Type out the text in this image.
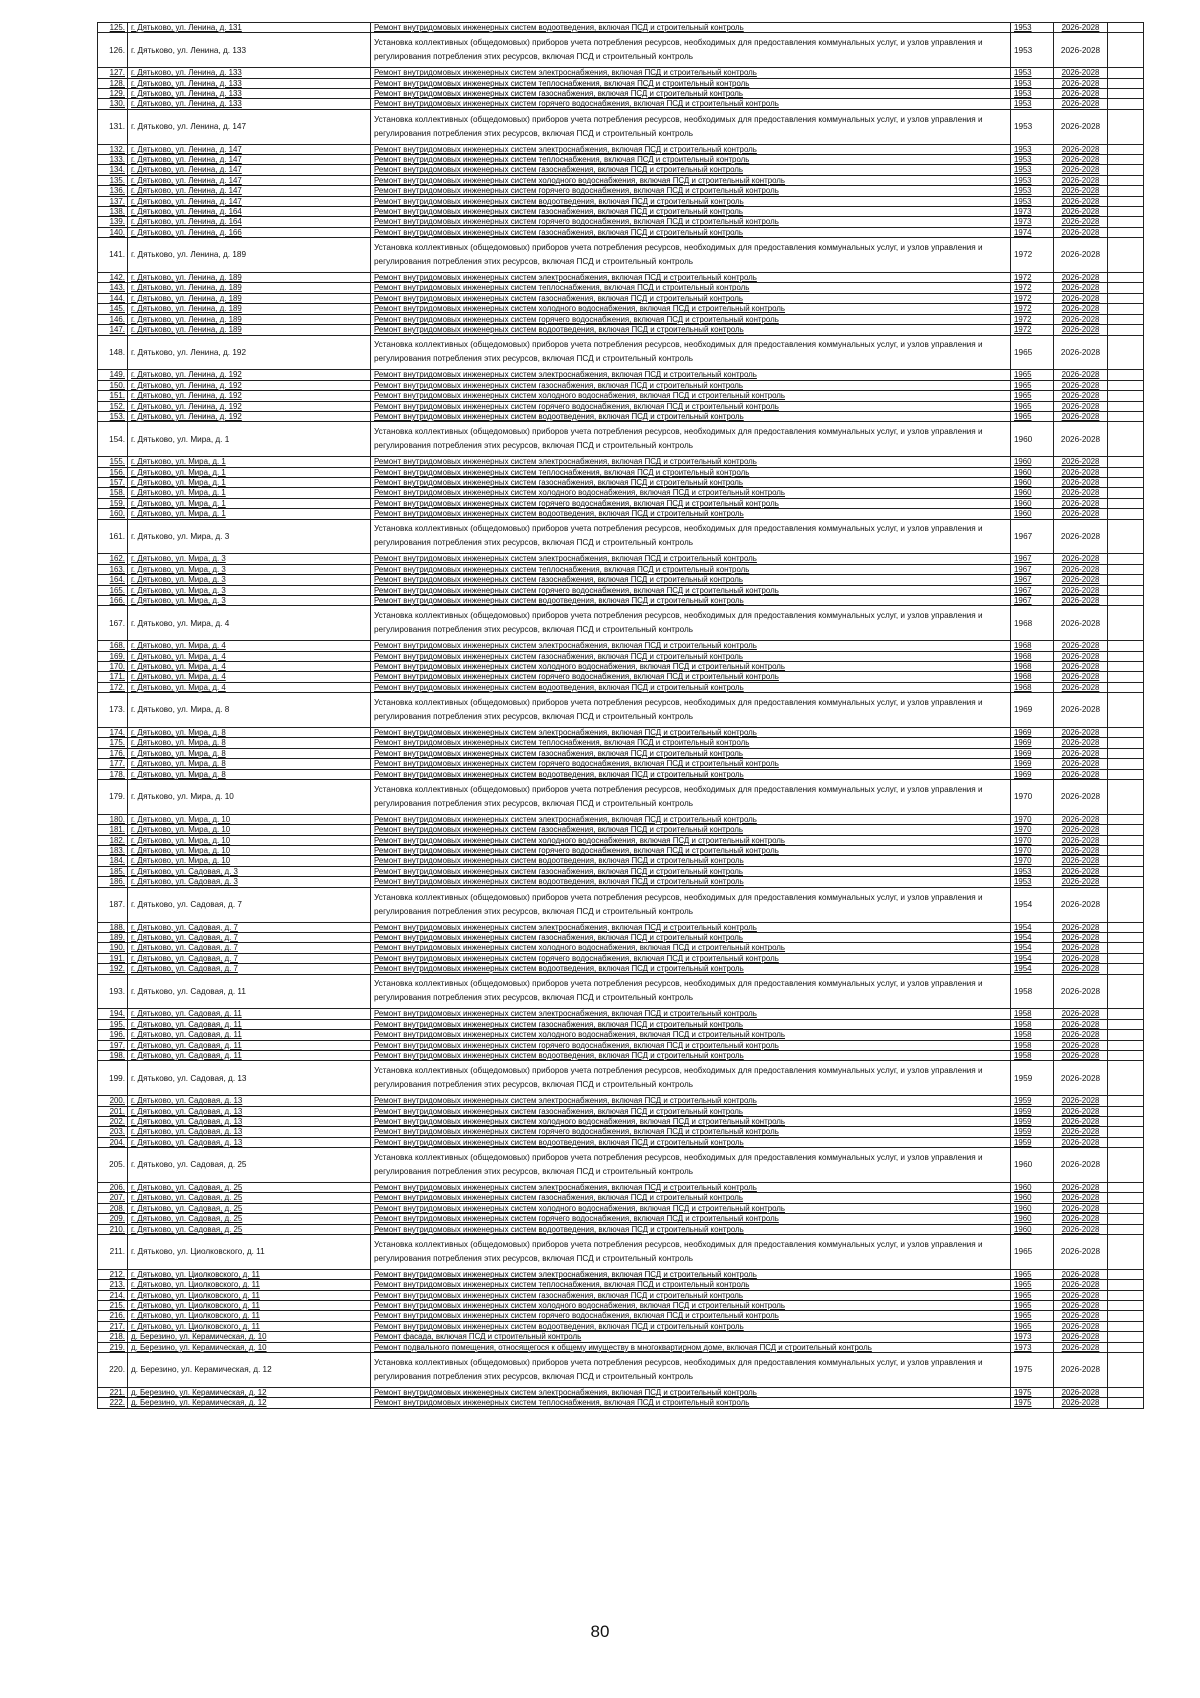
125.	г. Дятьково, ул. Ленина, д. 131	Ремонт внутридомовых инженерных систем водоотведения, включая ПСД и строительный контроль	1953	2026-2028	
126.	г. Дятьково, ул. Ленина, д. 133	Установка коллективных (общедомовых) приборов учета потребления ресурсов, необходимых для предоставления коммунальных услуг, и узлов управления и регулирования потребления этих ресурсов, включая ПСД и строительный контроль	1953	2026-2028	
127.	г. Дятьково, ул. Ленина, д. 133	Ремонт внутридомовых инженерных систем электроснабжения, включая ПСД и строительный контроль	1953	2026-2028	
128.	г. Дятьково, ул. Ленина, д. 133	Ремонт внутридомовых инженерных систем теплоснабжения, включая ПСД и строительный контроль	1953	2026-2028	
129.	г. Дятьково, ул. Ленина, д. 133	Ремонт внутридомовых инженерных систем газоснабжения, включая ПСД и строительный контроль	1953	2026-2028	
130.	г. Дятьково, ул. Ленина, д. 133	Ремонт внутридомовых инженерных систем горячего водоснабжения, включая ПСД и строительный контроль	1953	2026-2028	
131.	г. Дятьково, ул. Ленина, д. 147	Установка коллективных (общедомовых) приборов учета потребления ресурсов, необходимых для предоставления коммунальных услуг, и узлов управления и регулирования потребления этих ресурсов, включая ПСД и строительный контроль	1953	2026-2028	
132.	г. Дятьково, ул. Ленина, д. 147	Ремонт внутридомовых инженерных систем электроснабжения, включая ПСД и строительный контроль	1953	2026-2028	
133.	г. Дятьково, ул. Ленина, д. 147	Ремонт внутридомовых инженерных систем теплоснабжения, включая ПСД и строительный контроль	1953	2026-2028	
134.	г. Дятьково, ул. Ленина, д. 147	Ремонт внутридомовых инженерных систем газоснабжения, включая ПСД и строительный контроль	1953	2026-2028	
135.	г. Дятьково, ул. Ленина, д. 147	Ремонт внутридомовых инженерных систем холодного водоснабжения, включая ПСД и строительный контроль	1953	2026-2028	
136.	г. Дятьково, ул. Ленина, д. 147	Ремонт внутридомовых инженерных систем горячего водоснабжения, включая ПСД и строительный контроль	1953	2026-2028	
137.	г. Дятьково, ул. Ленина, д. 147	Ремонт внутридомовых инженерных систем водоотведения, включая ПСД и строительный контроль	1953	2026-2028	
138.	г. Дятьково, ул. Ленина, д. 164	Ремонт внутридомовых инженерных систем газоснабжения, включая ПСД и строительный контроль	1973	2026-2028	
139.	г. Дятьково, ул. Ленина, д. 164	Ремонт внутридомовых инженерных систем горячего водоснабжения, включая ПСД и строительный контроль	1973	2026-2028	
140.	г. Дятьково, ул. Ленина, д. 166	Ремонт внутридомовых инженерных систем газоснабжения, включая ПСД и строительный контроль	1974	2026-2028	
141.	г. Дятьково, ул. Ленина, д. 189	Установка коллективных (общедомовых) приборов учета потребления ресурсов, необходимых для предоставления коммунальных услуг, и узлов управления и регулирования потребления этих ресурсов, включая ПСД и строительный контроль	1972	2026-2028	
142.	г. Дятьково, ул. Ленина, д. 189	Ремонт внутридомовых инженерных систем электроснабжения, включая ПСД и строительный контроль	1972	2026-2028	
143.	г. Дятьково, ул. Ленина, д. 189	Ремонт внутридомовых инженерных систем теплоснабжения, включая ПСД и строительный контроль	1972	2026-2028	
144.	г. Дятьково, ул. Ленина, д. 189	Ремонт внутридомовых инженерных систем газоснабжения, включая ПСД и строительный контроль	1972	2026-2028	
145.	г. Дятьково, ул. Ленина, д. 189	Ремонт внутридомовых инженерных систем холодного водоснабжения, включая ПСД и строительный контроль	1972	2026-2028	
146.	г. Дятьково, ул. Ленина, д. 189	Ремонт внутридомовых инженерных систем горячего водоснабжения, включая ПСД и строительный контроль	1972	2026-2028	
147.	г. Дятьково, ул. Ленина, д. 189	Ремонт внутридомовых инженерных систем водоотведения, включая ПСД и строительный контроль	1972	2026-2028	
148.	г. Дятьково, ул. Ленина, д. 192	Установка коллективных (общедомовых) приборов учета потребления ресурсов, необходимых для предоставления коммунальных услуг, и узлов управления и регулирования потребления этих ресурсов, включая ПСД и строительный контроль	1965	2026-2028	
149.	г. Дятьково, ул. Ленина, д. 192	Ремонт внутридомовых инженерных систем электроснабжения, включая ПСД и строительный контроль	1965	2026-2028	
150.	г. Дятьково, ул. Ленина, д. 192	Ремонт внутридомовых инженерных систем газоснабжения, включая ПСД и строительный контроль	1965	2026-2028	
151.	г. Дятьково, ул. Ленина, д. 192	Ремонт внутридомовых инженерных систем холодного водоснабжения, включая ПСД и строительный контроль	1965	2026-2028	
152.	г. Дятьково, ул. Ленина, д. 192	Ремонт внутридомовых инженерных систем горячего водоснабжения, включая ПСД и строительный контроль	1965	2026-2028	
153.	г. Дятьково, ул. Ленина, д. 192	Ремонт внутридомовых инженерных систем водоотведения, включая ПСД и строительный контроль	1965	2026-2028	
154.	г. Дятьково, ул. Мира, д. 1	Установка коллективных (общедомовых) приборов учета потребления ресурсов, необходимых для предоставления коммунальных услуг, и узлов управления и регулирования потребления этих ресурсов, включая ПСД и строительный контроль	1960	2026-2028	
155.	г. Дятьково, ул. Мира, д. 1	Ремонт внутридомовых инженерных систем электроснабжения, включая ПСД и строительный контроль	1960	2026-2028	
156.	г. Дятьково, ул. Мира, д. 1	Ремонт внутридомовых инженерных систем теплоснабжения, включая ПСД и строительный контроль	1960	2026-2028	
157.	г. Дятьково, ул. Мира, д. 1	Ремонт внутридомовых инженерных систем газоснабжения, включая ПСД и строительный контроль	1960	2026-2028	
158.	г. Дятьково, ул. Мира, д. 1	Ремонт внутридомовых инженерных систем холодного водоснабжения, включая ПСД и строительный контроль	1960	2026-2028	
159.	г. Дятьково, ул. Мира, д. 1	Ремонт внутридомовых инженерных систем горячего водоснабжения, включая ПСД и строительный контроль	1960	2026-2028	
160.	г. Дятьково, ул. Мира, д. 1	Ремонт внутридомовых инженерных систем водоотведения, включая ПСД и строительный контроль	1960	2026-2028	
161.	г. Дятьково, ул. Мира, д. 3	Установка коллективных (общедомовых) приборов учета потребления ресурсов, необходимых для предоставления коммунальных услуг, и узлов управления и регулирования потребления этих ресурсов, включая ПСД и строительный контроль	1967	2026-2028	
162.	г. Дятьково, ул. Мира, д. 3	Ремонт внутридомовых инженерных систем электроснабжения, включая ПСД и строительный контроль	1967	2026-2028	
163.	г. Дятьково, ул. Мира, д. 3	Ремонт внутридомовых инженерных систем теплоснабжения, включая ПСД и строительный контроль	1967	2026-2028	
164.	г. Дятьково, ул. Мира, д. 3	Ремонт внутридомовых инженерных систем газоснабжения, включая ПСД и строительный контроль	1967	2026-2028	
165.	г. Дятьково, ул. Мира, д. 3	Ремонт внутридомовых инженерных систем горячего водоснабжения, включая ПСД и строительный контроль	1967	2026-2028	
166.	г. Дятьково, ул. Мира, д. 3	Ремонт внутридомовых инженерных систем водоотведения, включая ПСД и строительный контроль	1967	2026-2028	
167.	г. Дятьково, ул. Мира, д. 4	Установка коллективных (общедомовых) приборов учета потребления ресурсов, необходимых для предоставления коммунальных услуг, и узлов управления и регулирования потребления этих ресурсов, включая ПСД и строительный контроль	1968	2026-2028	
168.	г. Дятьково, ул. Мира, д. 4	Ремонт внутридомовых инженерных систем электроснабжения, включая ПСД и строительный контроль	1968	2026-2028	
169.	г. Дятьково, ул. Мира, д. 4	Ремонт внутридомовых инженерных систем газоснабжения, включая ПСД и строительный контроль	1968	2026-2028	
170.	г. Дятьково, ул. Мира, д. 4	Ремонт внутридомовых инженерных систем холодного водоснабжения, включая ПСД и строительный контроль	1968	2026-2028	
171.	г. Дятьково, ул. Мира, д. 4	Ремонт внутридомовых инженерных систем горячего водоснабжения, включая ПСД и строительный контроль	1968	2026-2028	
172.	г. Дятьково, ул. Мира, д. 4	Ремонт внутридомовых инженерных систем водоотведения, включая ПСД и строительный контроль	1968	2026-2028	
173.	г. Дятьково, ул. Мира, д. 8	Установка коллективных (общедомовых) приборов учета потребления ресурсов, необходимых для предоставления коммунальных услуг, и узлов управления и регулирования потребления этих ресурсов, включая ПСД и строительный контроль	1969	2026-2028	
174.	г. Дятьково, ул. Мира, д. 8	Ремонт внутридомовых инженерных систем электроснабжения, включая ПСД и строительный контроль	1969	2026-2028	
175.	г. Дятьково, ул. Мира, д. 8	Ремонт внутридомовых инженерных систем теплоснабжения, включая ПСД и строительный контроль	1969	2026-2028	
176.	г. Дятьково, ул. Мира, д. 8	Ремонт внутридомовых инженерных систем газоснабжения, включая ПСД и строительный контроль	1969	2026-2028	
177.	г. Дятьково, ул. Мира, д. 8	Ремонт внутридомовых инженерных систем горячего водоснабжения, включая ПСД и строительный контроль	1969	2026-2028	
178.	г. Дятьково, ул. Мира, д. 8	Ремонт внутридомовых инженерных систем водоотведения, включая ПСД и строительный контроль	1969	2026-2028	
179.	г. Дятьково, ул. Мира, д. 10	Установка коллективных (общедомовых) приборов учета потребления ресурсов, необходимых для предоставления коммунальных услуг, и узлов управления и регулирования потребления этих ресурсов, включая ПСД и строительный контроль	1970	2026-2028	
180.	г. Дятьково, ул. Мира, д. 10	Ремонт внутридомовых инженерных систем электроснабжения, включая ПСД и строительный контроль	1970	2026-2028	
181.	г. Дятьково, ул. Мира, д. 10	Ремонт внутридомовых инженерных систем газоснабжения, включая ПСД и строительный контроль	1970	2026-2028	
182.	г. Дятьково, ул. Мира, д. 10	Ремонт внутридомовых инженерных систем холодного водоснабжения, включая ПСД и строительный контроль	1970	2026-2028	
183.	г. Дятьково, ул. Мира, д. 10	Ремонт внутридомовых инженерных систем горячего водоснабжения, включая ПСД и строительный контроль	1970	2026-2028	
184.	г. Дятьково, ул. Мира, д. 10	Ремонт внутридомовых инженерных систем водоотведения, включая ПСД и строительный контроль	1970	2026-2028	
185.	г. Дятьково, ул. Садовая, д. 3	Ремонт внутридомовых инженерных систем газоснабжения, включая ПСД и строительный контроль	1953	2026-2028	
186.	г. Дятьково, ул. Садовая, д. 3	Ремонт внутридомовых инженерных систем водоотведения, включая ПСД и строительный контроль	1953	2026-2028	
187.	г. Дятьково, ул. Садовая, д. 7	Установка коллективных (общедомовых) приборов учета потребления ресурсов, необходимых для предоставления коммунальных услуг, и узлов управления и регулирования потребления этих ресурсов, включая ПСД и строительный контроль	1954	2026-2028	
188.	г. Дятьково, ул. Садовая, д. 7	Ремонт внутридомовых инженерных систем электроснабжения, включая ПСД и строительный контроль	1954	2026-2028	
189.	г. Дятьково, ул. Садовая, д. 7	Ремонт внутридомовых инженерных систем газоснабжения, включая ПСД и строительный контроль	1954	2026-2028	
190.	г. Дятьково, ул. Садовая, д. 7	Ремонт внутридомовых инженерных систем холодного водоснабжения, включая ПСД и строительный контроль	1954	2026-2028	
191.	г. Дятьково, ул. Садовая, д. 7	Ремонт внутридомовых инженерных систем горячего водоснабжения, включая ПСД и строительный контроль	1954	2026-2028	
192.	г. Дятьково, ул. Садовая, д. 7	Ремонт внутридомовых инженерных систем водоотведения, включая ПСД и строительный контроль	1954	2026-2028	
193.	г. Дятьково, ул. Садовая, д. 11	Установка коллективных (общедомовых) приборов учета потребления ресурсов, необходимых для предоставления коммунальных услуг, и узлов управления и регулирования потребления этих ресурсов, включая ПСД и строительный контроль	1958	2026-2028	
194.	г. Дятьково, ул. Садовая, д. 11	Ремонт внутридомовых инженерных систем электроснабжения, включая ПСД и строительный контроль	1958	2026-2028	
195.	г. Дятьково, ул. Садовая, д. 11	Ремонт внутридомовых инженерных систем газоснабжения, включая ПСД и строительный контроль	1958	2026-2028	
196.	г. Дятьково, ул. Садовая, д. 11	Ремонт внутридомовых инженерных систем холодного водоснабжения, включая ПСД и строительный контроль	1958	2026-2028	
197.	г. Дятьково, ул. Садовая, д. 11	Ремонт внутридомовых инженерных систем горячего водоснабжения, включая ПСД и строительный контроль	1958	2026-2028	
198.	г. Дятьково, ул. Садовая, д. 11	Ремонт внутридомовых инженерных систем водоотведения, включая ПСД и строительный контроль	1958	2026-2028	
199.	г. Дятьково, ул. Садовая, д. 13	Установка коллективных (общедомовых) приборов учета потребления ресурсов, необходимых для предоставления коммунальных услуг, и узлов управления и регулирования потребления этих ресурсов, включая ПСД и строительный контроль	1959	2026-2028	
200.	г. Дятьково, ул. Садовая, д. 13	Ремонт внутридомовых инженерных систем электроснабжения, включая ПСД и строительный контроль	1959	2026-2028	
201.	г. Дятьково, ул. Садовая, д. 13	Ремонт внутридомовых инженерных систем газоснабжения, включая ПСД и строительный контроль	1959	2026-2028	
202.	г. Дятьково, ул. Садовая, д. 13	Ремонт внутридомовых инженерных систем холодного водоснабжения, включая ПСД и строительный контроль	1959	2026-2028	
203.	г. Дятьково, ул. Садовая, д. 13	Ремонт внутридомовых инженерных систем горячего водоснабжения, включая ПСД и строительный контроль	1959	2026-2028	
204.	г. Дятьково, ул. Садовая, д. 13	Ремонт внутридомовых инженерных систем водоотведения, включая ПСД и строительный контроль	1959	2026-2028	
205.	г. Дятьково, ул. Садовая, д. 25	Установка коллективных (общедомовых) приборов учета потребления ресурсов, необходимых для предоставления коммунальных услуг, и узлов управления и регулирования потребления этих ресурсов, включая ПСД и строительный контроль	1960	2026-2028	
206.	г. Дятьково, ул. Садовая, д. 25	Ремонт внутридомовых инженерных систем электроснабжения, включая ПСД и строительный контроль	1960	2026-2028	
207.	г. Дятьково, ул. Садовая, д. 25	Ремонт внутридомовых инженерных систем газоснабжения, включая ПСД и строительный контроль	1960	2026-2028	
208.	г. Дятьково, ул. Садовая, д. 25	Ремонт внутридомовых инженерных систем холодного водоснабжения, включая ПСД и строительный контроль	1960	2026-2028	
209.	г. Дятьково, ул. Садовая, д. 25	Ремонт внутридомовых инженерных систем горячего водоснабжения, включая ПСД и строительный контроль	1960	2026-2028	
210.	г. Дятьково, ул. Садовая, д. 25	Ремонт внутридомовых инженерных систем водоотведения, включая ПСД и строительный контроль	1960	2026-2028	
211.	г. Дятьково, ул. Циолковского, д. 11	Установка коллективных (общедомовых) приборов учета потребления ресурсов, необходимых для предоставления коммунальных услуг, и узлов управления и регулирования потребления этих ресурсов, включая ПСД и строительный контроль	1965	2026-2028	
212.	г. Дятьково, ул. Циолковского, д. 11	Ремонт внутридомовых инженерных систем электроснабжения, включая ПСД и строительный контроль	1965	2026-2028	
213.	г. Дятьково, ул. Циолковского, д. 11	Ремонт внутридомовых инженерных систем теплоснабжения, включая ПСД и строительный контроль	1965	2026-2028	
214.	г. Дятьково, ул. Циолковского, д. 11	Ремонт внутридомовых инженерных систем газоснабжения, включая ПСД и строительный контроль	1965	2026-2028	
215.	г. Дятьково, ул. Циолковского, д. 11	Ремонт внутридомовых инженерных систем холодного водоснабжения, включая ПСД и строительный контроль	1965	2026-2028	
216.	г. Дятьково, ул. Циолковского, д. 11	Ремонт внутридомовых инженерных систем горячего водоснабжения, включая ПСД и строительный контроль	1965	2026-2028	
217.	г. Дятьково, ул. Циолковского, д. 11	Ремонт внутридомовых инженерных систем водоотведения, включая ПСД и строительный контроль	1965	2026-2028	
218.	д. Березино, ул. Керамическая, д. 10	Ремонт фасада, включая ПСД и строительный контроль	1973	2026-2028	
219.	д. Березино, ул. Керамическая, д. 10	Ремонт подвального помещения, относящегося к общему имуществу в многоквартирном доме, включая ПСД и строительный контроль	1973	2026-2028	
220.	д. Березино, ул. Керамическая, д. 12	Установка коллективных (общедомовых) приборов учета потребления ресурсов, необходимых для предоставления коммунальных услуг, и узлов управления и регулирования потребления этих ресурсов, включая ПСД и строительный контроль	1975	2026-2028	
221.	д. Березино, ул. Керамическая, д. 12	Ремонт внутридомовых инженерных систем электроснабжения, включая ПСД и строительный контроль	1975	2026-2028	
222.	д. Березино, ул. Керамическая, д. 12	Ремонт внутридомовых инженерных систем теплоснабжения, включая ПСД и строительный контроль	1975	2026-2028	
80
